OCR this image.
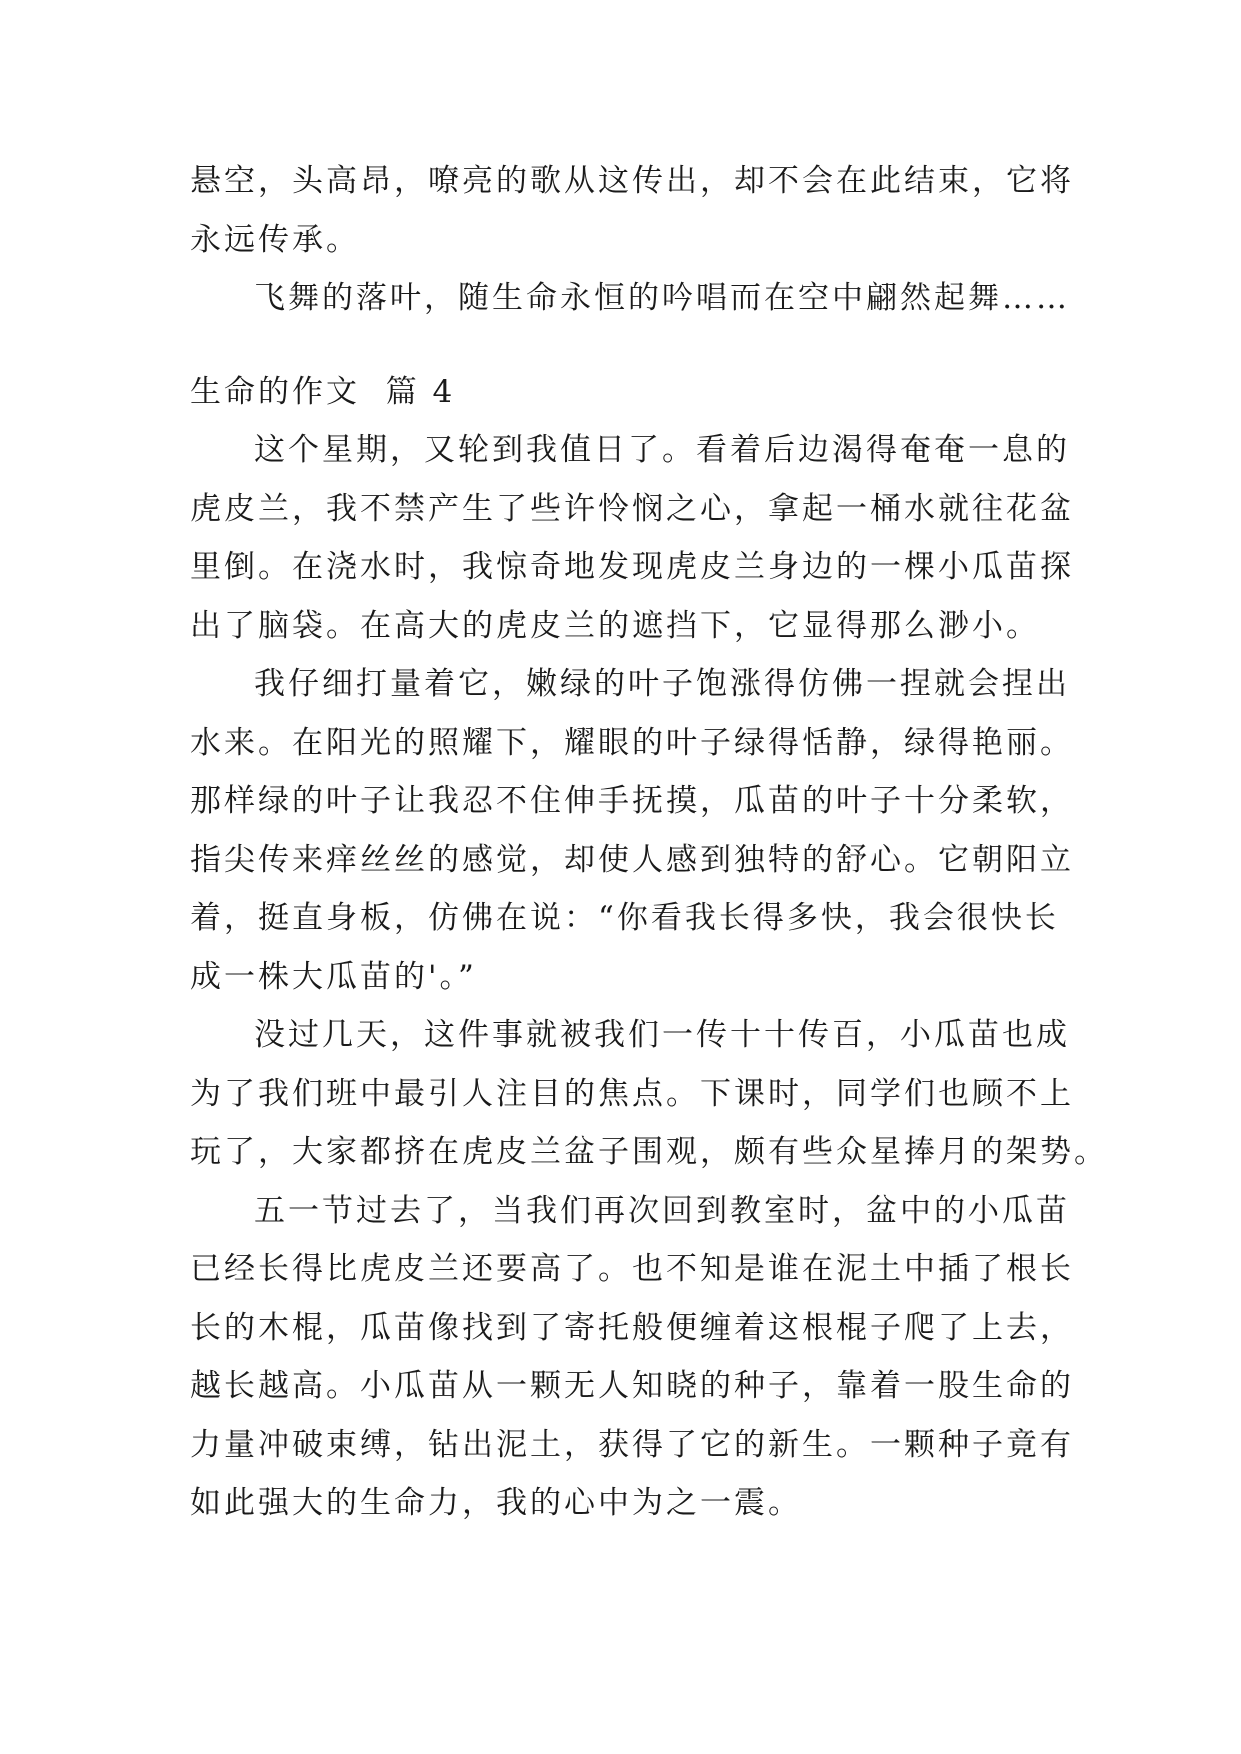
悬空，头高昂，嘹亮的歌从这传出，却不会在此结束，它将
永远传承。
飞舞的落叶，随生命永恒的吟唱而在空中翩然起舞……
生命的作文  篇 4
这个星期，又轮到我值日了。看着后边渴得奄奄一息的
虎皮兰，我不禁产生了些许怜悯之心，拿起一桶水就往花盆
里倒。在浇水时，我惊奇地发现虎皮兰身边的一棵小瓜苗探
出了脑袋。在高大的虎皮兰的遮挡下，它显得那么渺小。
我仔细打量着它，嫩绿的叶子饱涨得仿佛一捏就会捏出
水来。在阳光的照耀下，耀眼的叶子绿得恬静，绿得艳丽。
那样绿的叶子让我忍不住伸手抚摸，瓜苗的叶子十分柔软，
指尖传来痒丝丝的感觉，却使人感到独特的舒心。它朝阳立
着，挺直身板，仿佛在说：“你看我长得多快，我会很快长
成一株大瓜苗的'。”
没过几天，这件事就被我们一传十十传百，小瓜苗也成
为了我们班中最引人注目的焦点。下课时，同学们也顾不上
玩了，大家都挤在虎皮兰盆子围观，颇有些众星捧月的架势。
五一节过去了，当我们再次回到教室时，盆中的小瓜苗
已经长得比虎皮兰还要高了。也不知是谁在泥土中插了根长
长的木棍，瓜苗像找到了寄托般便缠着这根棍子爬了上去，
越长越高。小瓜苗从一颗无人知晓的种子，靠着一股生命的
力量冲破束缚，钻出泥土，获得了它的新生。一颗种子竟有
如此强大的生命力，我的心中为之一震。
